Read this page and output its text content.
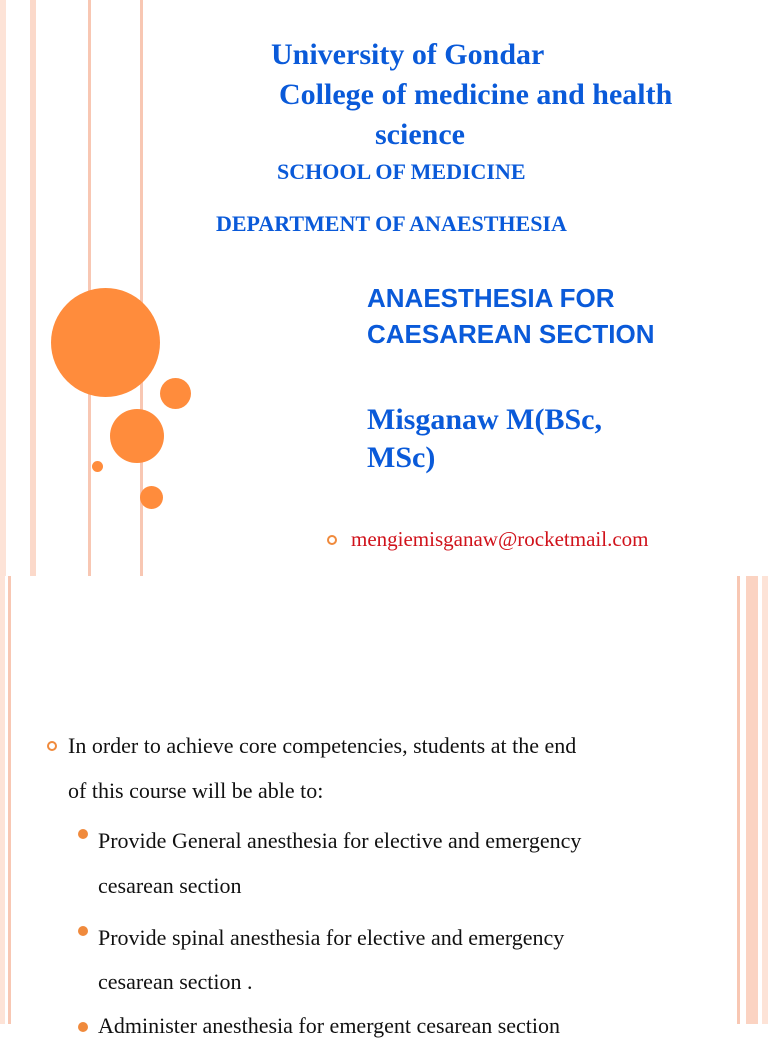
University of Gondar
College of medicine and health
science
SCHOOL OF MEDICINE
DEPARTMENT OF ANAESTHESIA
ANAESTHESIA FOR
CAESAREAN SECTION
Misganaw M(BSc,
MSc)
mengiemisganaw@rocketmail.com
In order to achieve core competencies, students at the end
of this course will be able to:
Provide General anesthesia for elective and emergency
cesarean section
Provide spinal anesthesia for elective and emergency
cesarean section .
Administer anesthesia for emergent cesarean section
